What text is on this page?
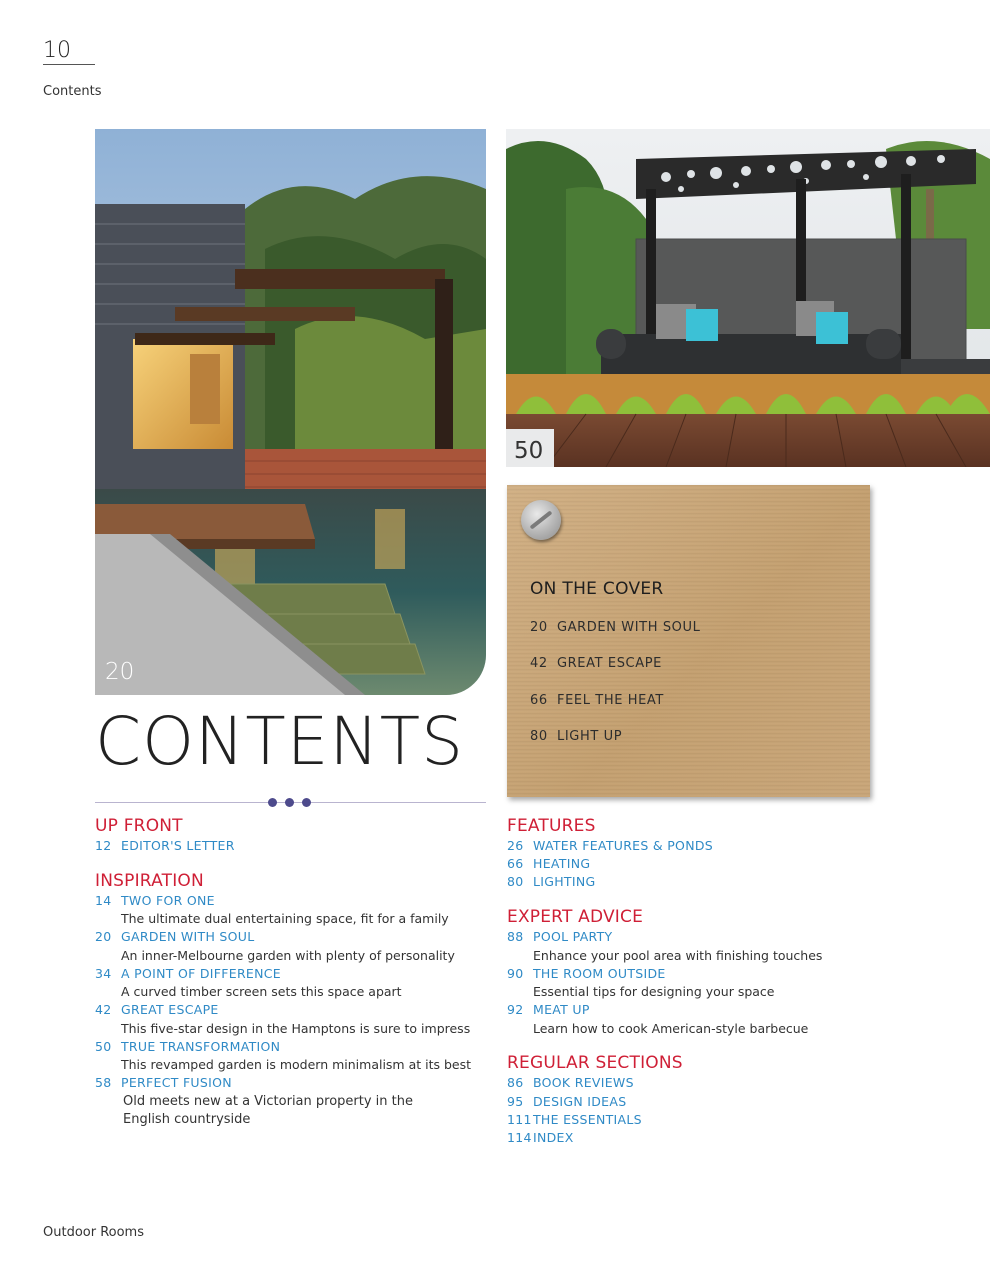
10
Contents
20
50
ON THE COVER
20 GARDEN WITH SOUL
42 GREAT ESCAPE
66 FEEL THE HEAT
80 LIGHT UP
CONTENTS
UP FRONT
12 EDITOR'S LETTER
INSPIRATION
14 TWO FOR ONE
The ultimate dual entertaining space, fit for a family
20 GARDEN WITH SOUL
An inner-Melbourne garden with plenty of personality
34 A POINT OF DIFFERENCE
A curved timber screen sets this space apart
42 GREAT ESCAPE
This five-star design in the Hamptons is sure to impress
50 TRUE TRANSFORMATION
This revamped garden is modern minimalism at its best
58 PERFECT FUSION
Old meets new at a Victorian property in the
English countryside
FEATURES
26 WATER FEATURES & PONDS
66 HEATING
80 LIGHTING
EXPERT ADVICE
88 POOL PARTY
Enhance your pool area with finishing touches
90 THE ROOM OUTSIDE
Essential tips for designing your space
92 MEAT UP
Learn how to cook American-style barbecue
REGULAR SECTIONS
86 BOOK REVIEWS
95 DESIGN IDEAS
111THE ESSENTIALS
114INDEX
Outdoor Rooms
